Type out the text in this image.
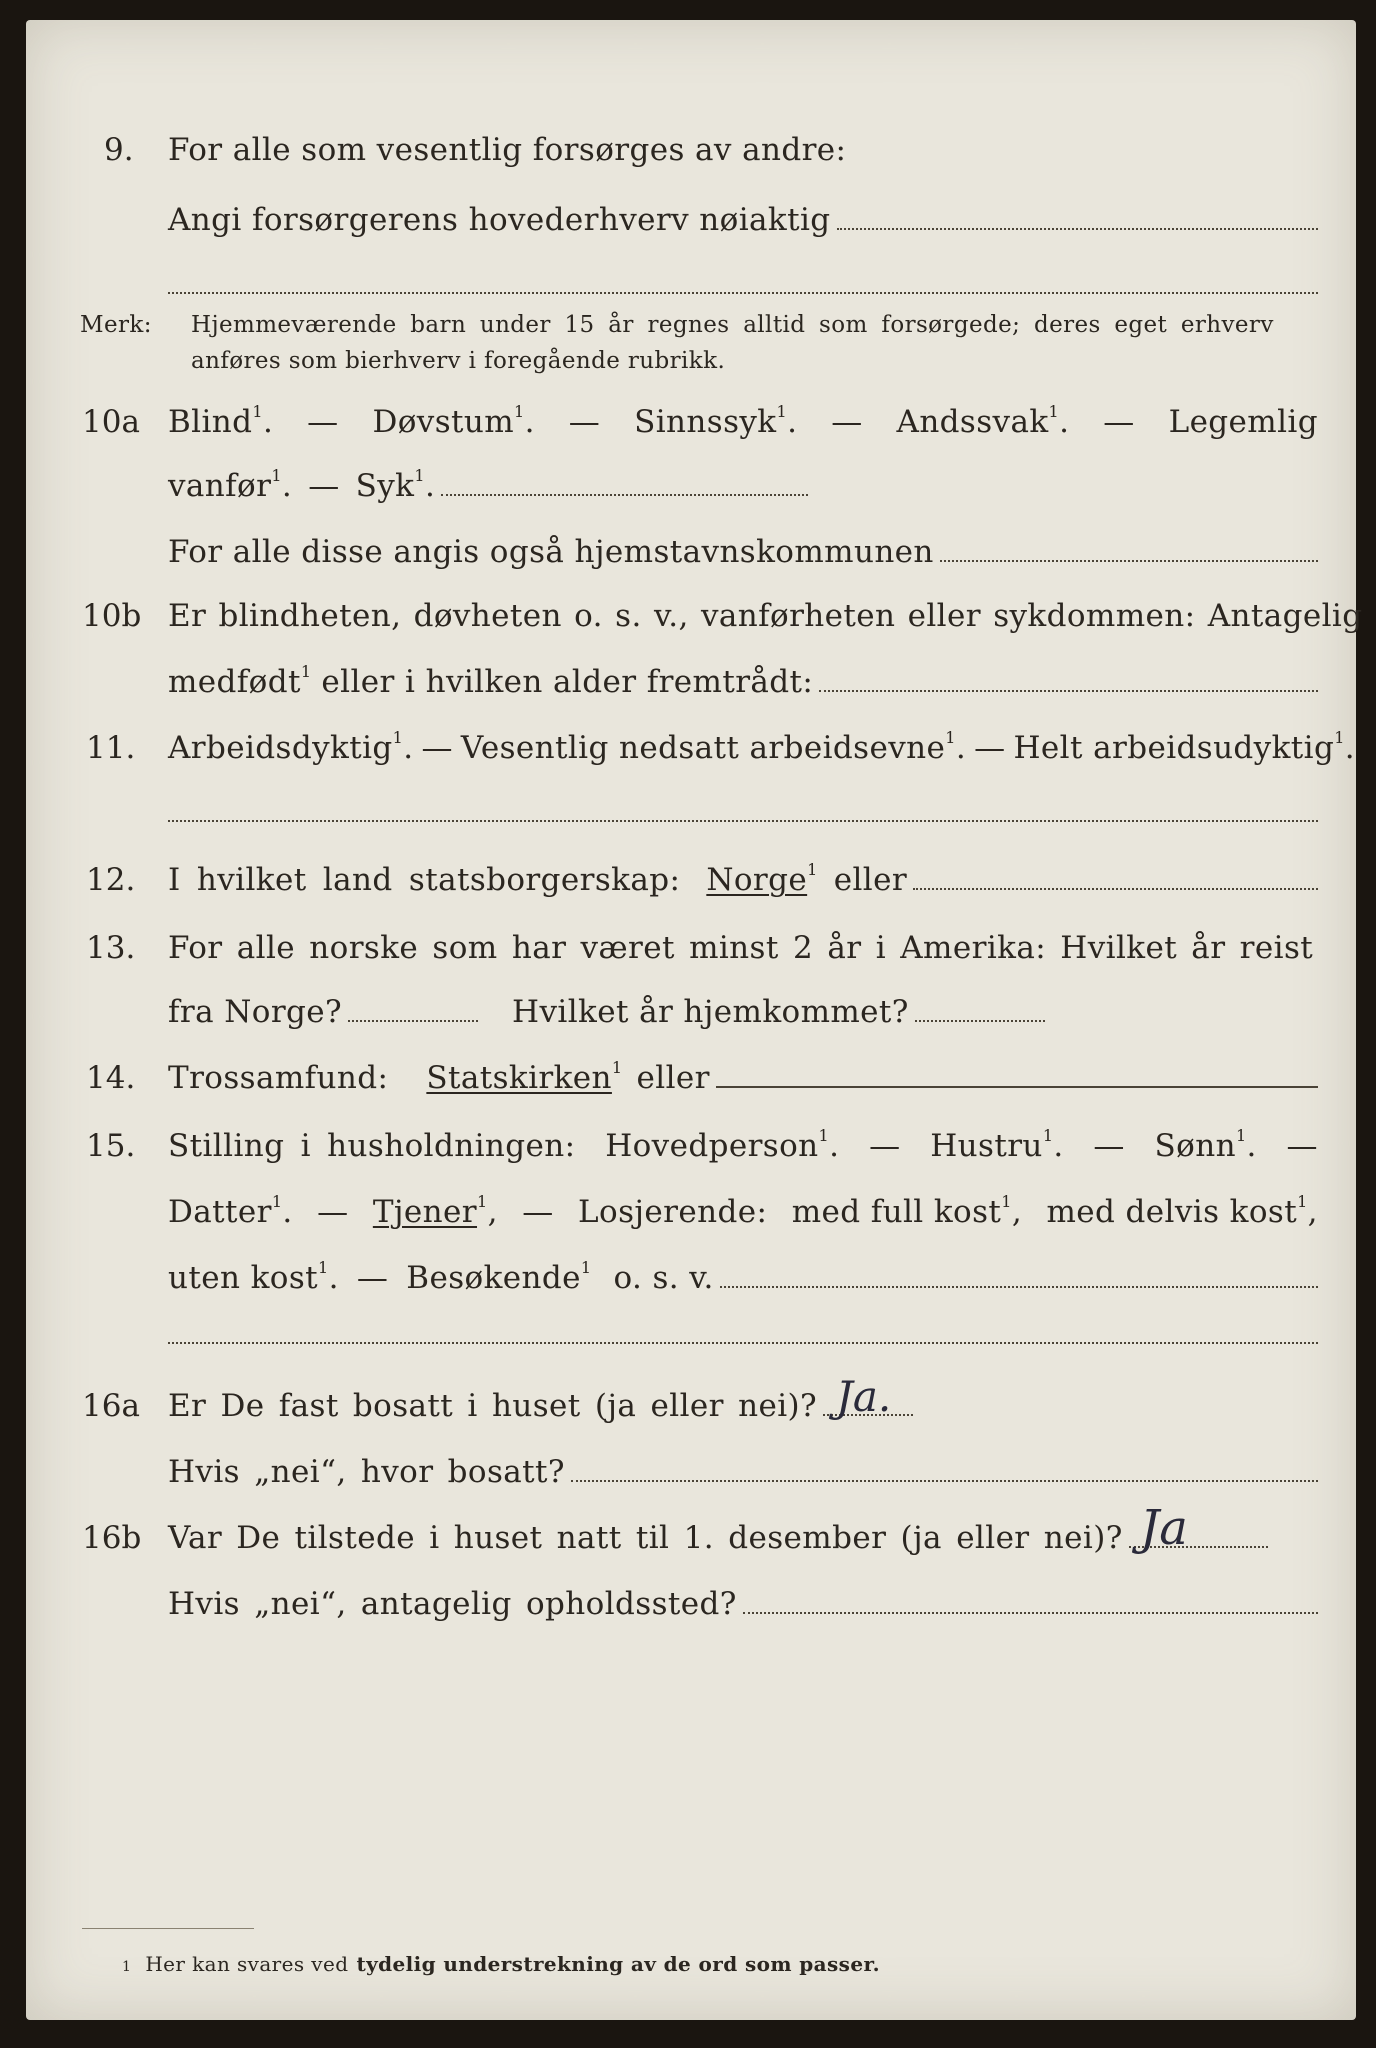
9. For alle som vesentlig forsørges av andre:
Angi forsørgerens hovederhverv nøiaktig
Merk: Hjemmeværende barn under 15 år regnes alltid som forsørgede; deres eget erhverv
anføres som bierhverv i foregående rubrikk.
10a Blind$^1$. — Døvstum$^1$. — Sinnssyk$^1$. — Andssvak$^1$. — Legemlig
vanfør$^1$. — Syk$^1$.
For alle disse angis også hjemstavnskommunen
10b Er blindheten, døvheten o. s. v., vanførheten eller sykdommen: Antagelig
medfødt$^1$ eller i hvilken alder fremtrådt:
11. Arbeidsdyktig$^1$. — Vesentlig nedsatt arbeidsevne$^1$. — Helt arbeidsudyktig$^1$.
12. I hvilket land statsborgerskap: Norge$^1$ eller
13. For alle norske som har været minst 2 år i Amerika: Hvilket år reist
fra Norge?	Hvilket år hjemkommet?
14. Trossamfund: Statskirken$^1$ eller
15. Stilling i husholdningen: Hovedperson$^1$. — Hustru$^1$. — Sønn$^1$. —
Datter$^1$. — Tjener$^1$, — Losjerende: med full kost$^1$, med delvis kost$^1$,
uten kost$^1$. — Besøkende$^1$ o. s. v.
16a Er De fast bosatt i huset (ja eller nei)? Ja.
Hvis „nei“, hvor bosatt?
16b Var De tilstede i huset natt til 1. desember (ja eller nei)? Ja
Hvis „nei“, antagelig opholdssted?
1 Her kan svares ved tydelig understrekning av de ord som passer.
